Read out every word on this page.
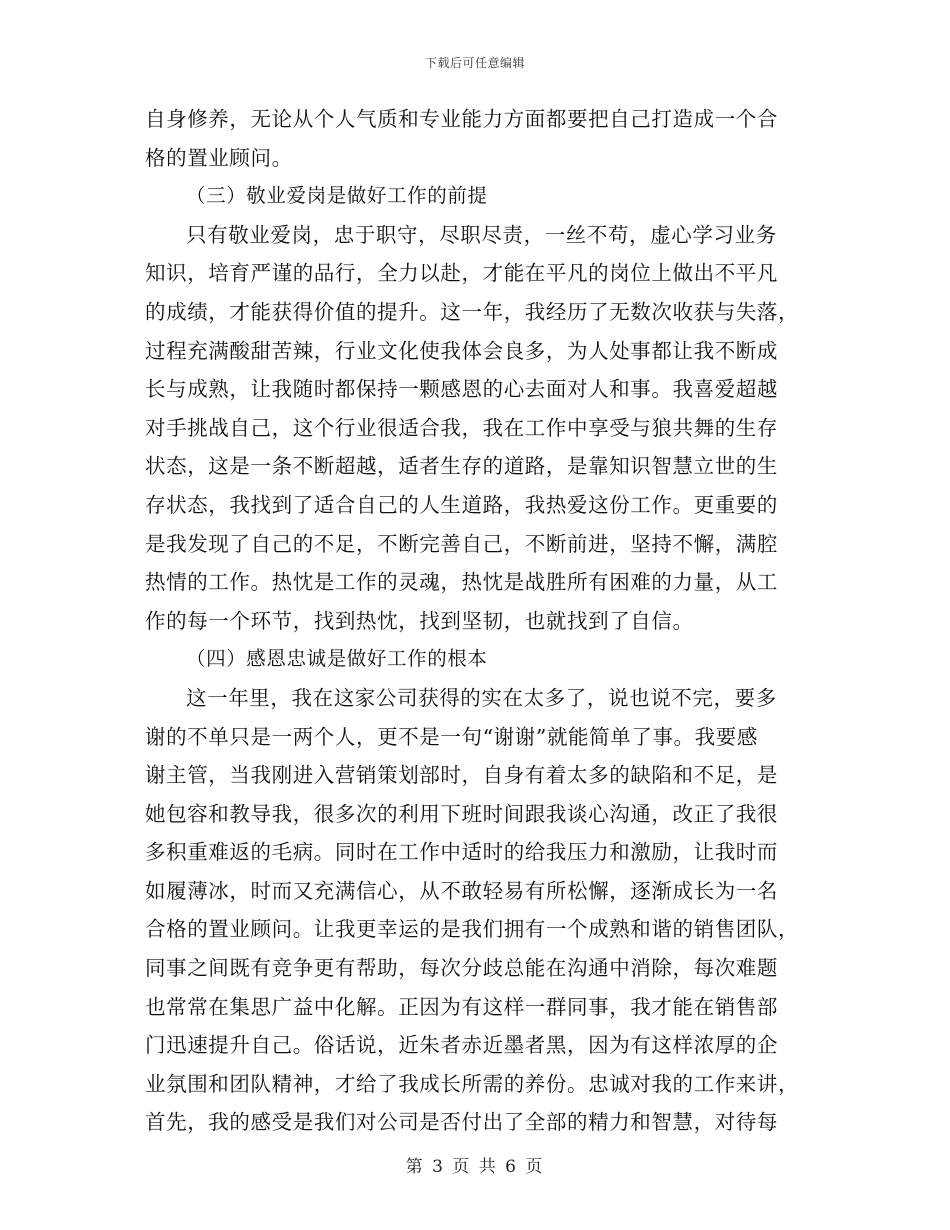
下载后可任意编辑
自身修养，无论从个人气质和专业能力方面都要把自己打造成一个合
格的置业顾问。
（三）敬业爱岗是做好工作的前提
只有敬业爱岗，忠于职守，尽职尽责，一丝不苟，虚心学习业务
知识，培育严谨的品行，全力以赴，才能在平凡的岗位上做出不平凡
的成绩，才能获得价值的提升。这一年，我经历了无数次收获与失落，
过程充满酸甜苦辣，行业文化使我体会良多，为人处事都让我不断成
长与成熟，让我随时都保持一颗感恩的心去面对人和事。我喜爱超越
对手挑战自己，这个行业很适合我，我在工作中享受与狼共舞的生存
状态，这是一条不断超越，适者生存的道路，是靠知识智慧立世的生
存状态，我找到了适合自己的人生道路，我热爱这份工作。更重要的
是我发现了自己的不足，不断完善自己，不断前进，坚持不懈，满腔
热情的工作。热忱是工作的灵魂，热忱是战胜所有困难的力量，从工
作的每一个环节，找到热忱，找到坚韧，也就找到了自信。
（四）感恩忠诚是做好工作的根本
这一年里，我在这家公司获得的实在太多了，说也说不完，要多
谢的不单只是一两个人，更不是一句“谢谢”就能简单了事。我要感
谢主管，当我刚进入营销策划部时，自身有着太多的缺陷和不足，是
她包容和教导我，很多次的利用下班时间跟我谈心沟通，改正了我很
多积重难返的毛病。同时在工作中适时的给我压力和激励，让我时而
如履薄冰，时而又充满信心，从不敢轻易有所松懈，逐渐成长为一名
合格的置业顾问。让我更幸运的是我们拥有一个成熟和谐的销售团队，
同事之间既有竞争更有帮助，每次分歧总能在沟通中消除，每次难题
也常常在集思广益中化解。正因为有这样一群同事，我才能在销售部
门迅速提升自己。俗话说，近朱者赤近墨者黑，因为有这样浓厚的企
业氛围和团队精神，才给了我成长所需的养份。忠诚对我的工作来讲，
首先，我的感受是我们对公司是否付出了全部的精力和智慧，对待每
第 3 页 共 6 页
